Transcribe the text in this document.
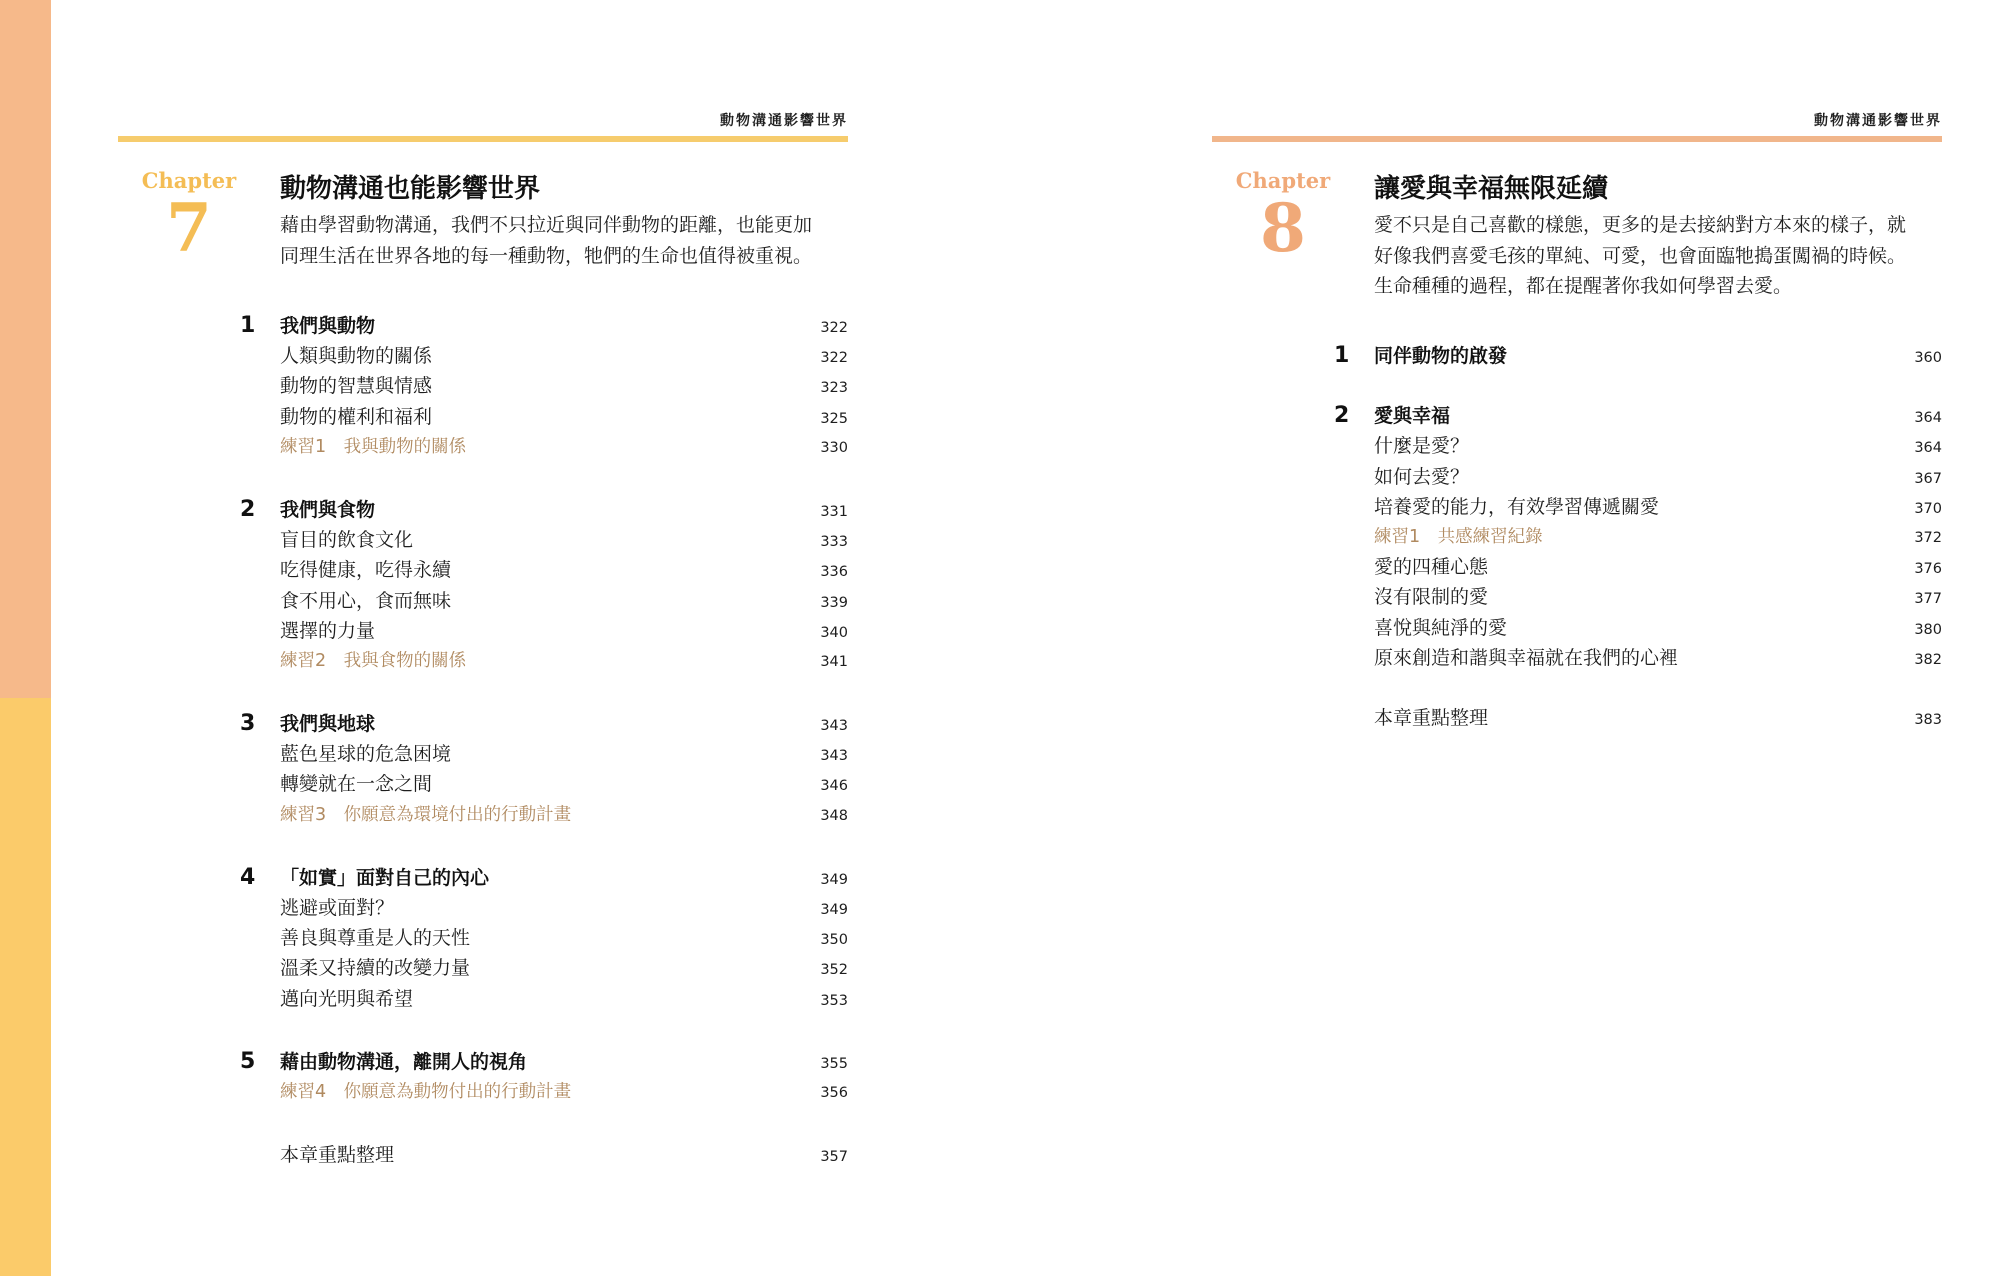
動物溝通影響世界
Chapter
7	動物溝通也能影響世界
藉由學習動物溝通，我們不只拉近與同伴動物的距離，也能更加
同理生活在世界各地的每一種動物，牠們的生命也值得被重視。
1 我們與動物	322
人類與動物的關係	322
動物的智慧與情感	323
動物的權利和福利	325
練習1　我與動物的關係	330
2 我們與食物	331
盲目的飲食文化	333
吃得健康，吃得永續	336
食不用心，食而無味	339
選擇的力量	340
練習2　我與食物的關係	341
3 我們與地球	343
藍色星球的危急困境	343
轉變就在一念之間	346
練習3　你願意為環境付出的行動計畫	348
4 「如實」面對自己的內心	349
逃避或面對？	349
善良與尊重是人的天性	350
溫柔又持續的改變力量	352
邁向光明與希望	353
5 藉由動物溝通，離開人的視角	355
練習4　你願意為動物付出的行動計畫	356
本章重點整理	357
動物溝通影響世界
Chapter
8	讓愛與幸福無限延續
愛不只是自己喜歡的樣態，更多的是去接納對方本來的樣子，就
好像我們喜愛毛孩的單純、可愛，也會面臨牠搗蛋闖禍的時候。
生命種種的過程，都在提醒著你我如何學習去愛。
1 同伴動物的啟發	360
2 愛與幸福	364
什麼是愛？	364
如何去愛？	367
培養愛的能力，有效學習傳遞關愛	370
練習1　共感練習紀錄	372
愛的四種心態	376
沒有限制的愛	377
喜悅與純淨的愛	380
原來創造和諧與幸福就在我們的心裡	382
本章重點整理	383
